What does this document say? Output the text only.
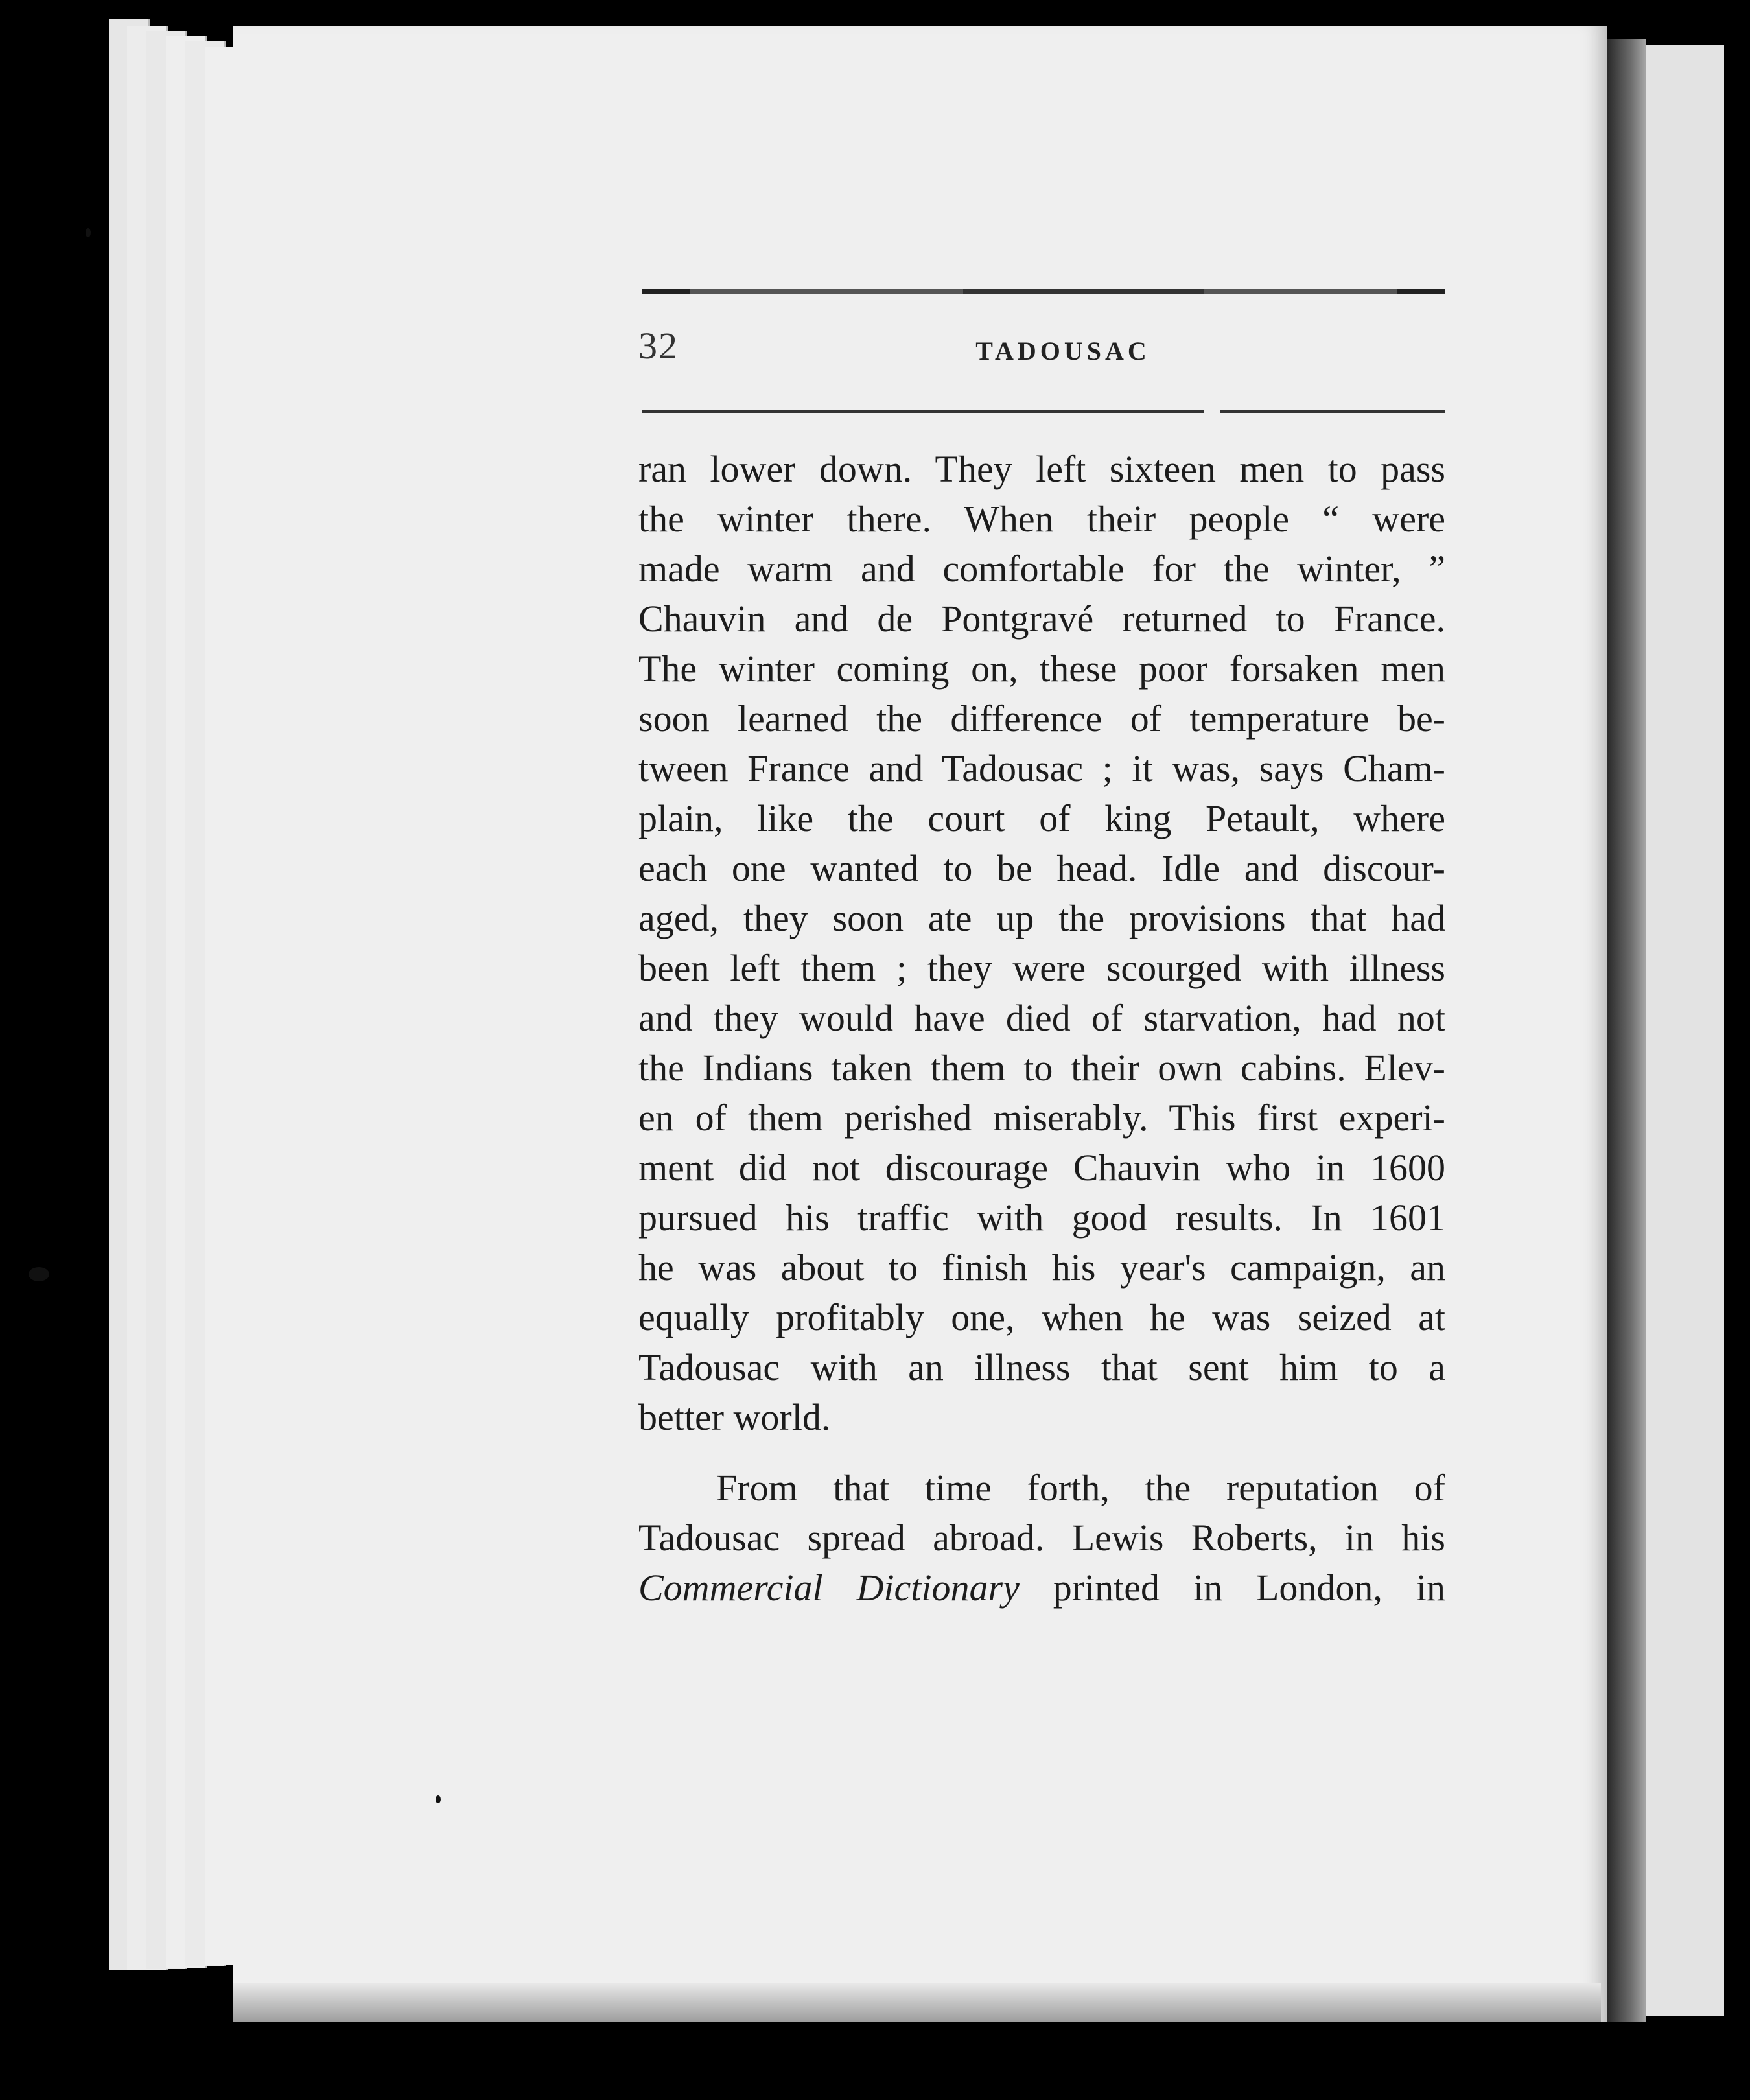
32	TADOUSAC
ran lower down. They left sixteen men to pass
the winter there. When their people “ were
made warm and comfortable for the winter, ”
Chauvin and de Pontgravé returned to France.
The winter coming on, these poor forsaken men
soon learned the difference of temperature be-
tween France and Tadousac ; it was, says Cham-
plain, like the court of king Petault, where
each one wanted to be head. Idle and discour-
aged, they soon ate up the provisions that had
been left them ; they were scourged with illness
and they would have died of starvation, had not
the Indians taken them to their own cabins. Elev-
en of them perished miserably. This first experi-
ment did not discourage Chauvin who in 1600
pursued his traffic with good results. In 1601
he was about to finish his year's campaign, an
equally profitably one, when he was seized at
Tadousac with an illness that sent him to a
better world.
From that time forth, the reputation of
Tadousac spread abroad. Lewis Roberts, in his
Commercial Dictionary printed in London, in
